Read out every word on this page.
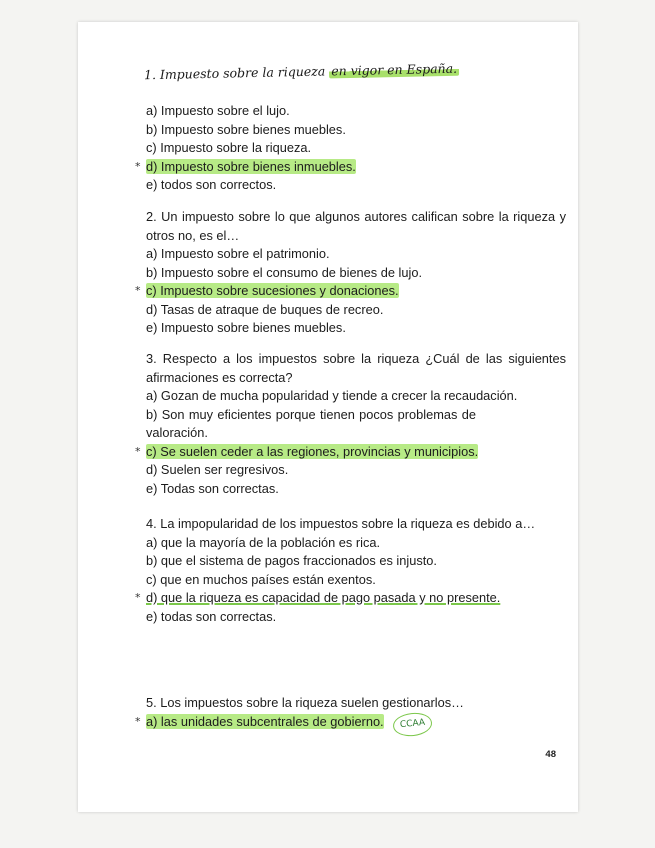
1. Impuesto sobre la riqueza en vigor en España.

a) Impuesto sobre el lujo.
b) Impuesto sobre bienes muebles.
c) Impuesto sobre la riqueza.
* d) Impuesto sobre bienes inmuebles.
e) todos son correctos.
2. Un impuesto sobre lo que algunos autores califican sobre la riqueza y otros no, es el…
a) Impuesto sobre el patrimonio.
b) Impuesto sobre el consumo de bienes de lujo.
* c) Impuesto sobre sucesiones y donaciones.
d) Tasas de atraque de buques de recreo.
e) Impuesto sobre bienes muebles.
3. Respecto a los impuestos sobre la riqueza ¿Cuál de las siguientes afirmaciones es correcta?
a) Gozan de mucha popularidad y tiende a crecer la recaudación.
b) Son muy eficientes porque tienen pocos problemas de valoración.
* c) Se suelen ceder a las regiones, provincias y municipios.
d) Suelen ser regresivos.
e) Todas son correctas.
4. La impopularidad de los impuestos sobre la riqueza es debido a…
a) que la mayoría de la población es rica.
b) que el sistema de pagos fraccionados es injusto.
c) que en muchos países están exentos.
* d) que la riqueza es capacidad de pago pasada y no presente.
e) todas son correctas.
5. Los impuestos sobre la riqueza suelen gestionarlos…
* a) las unidades subcentrales de gobierno. CCAA
48
